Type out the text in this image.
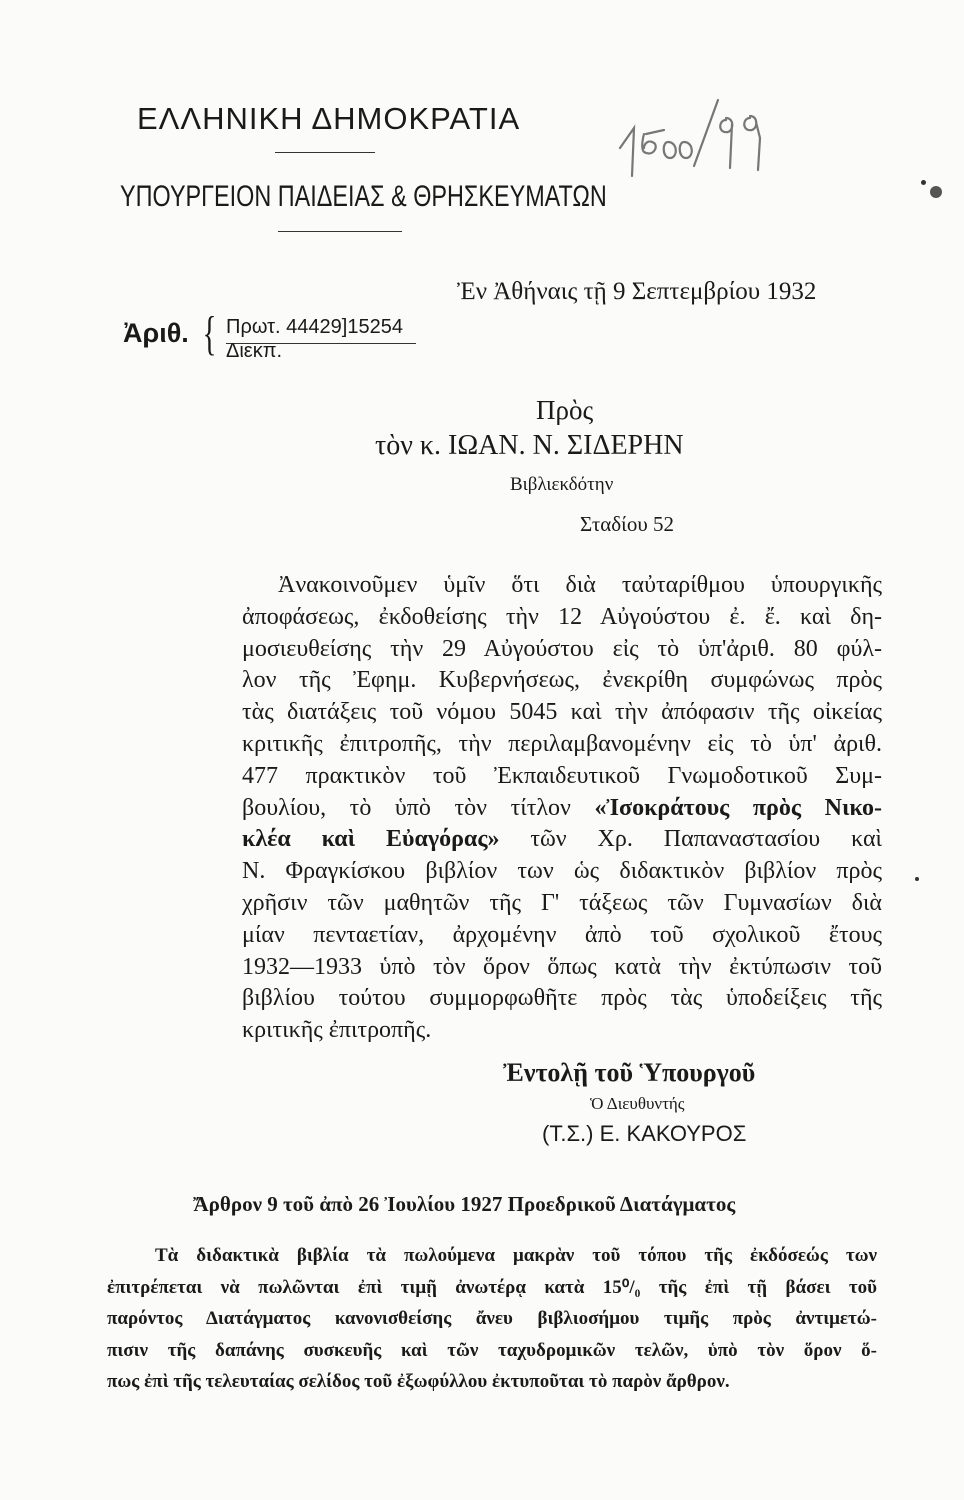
ΕΛΛΗΝΙΚΗ ΔΗΜΟΚΡΑΤΙΑ
ΥΠΟΥΡΓΕΙΟΝ ΠΑΙΔΕΙΑΣ & ΘΡΗΣΚΕΥΜΑΤΩΝ
Ἐν Ἀθήναις τῇ 9 Σεπτεμβρίου 1932
Ἀριθ. { Πρωτ. 44429]15254
Διεκπ.
Πρὸς
τὸν κ. ΙΩΑΝ. Ν. ΣΙΔΕΡΗΝ
Βιβλιεκδότην
Σταδίου 52
Ἀνακοινοῦμεν ὑμῖν ὅτι διὰ ταὐταρίθμου ὑπουργικῆς
ἀποφάσεως, ἐκδοθείσης τὴν 12 Αὐγούστου ἐ. ἔ. καὶ δη-
μοσιευθείσης τὴν 29 Αὐγούστου εἰς τὸ ὑπ'ἀριθ. 80 φύλ-
λον τῆς Ἐφημ. Κυβερνήσεως, ἐνεκρίθη συμφώνως πρὸς
τὰς διατάξεις τοῦ νόμου 5045 καὶ τὴν ἀπόφασιν τῆς οἰκείας
κριτικῆς ἐπιτροπῆς, τὴν περιλαμβανομένην εἰς τὸ ὑπ' ἀριθ.
477 πρακτικὸν τοῦ Ἐκπαιδευτικοῦ Γνωμοδοτικοῦ Συμ-
βουλίου, τὸ ὑπὸ τὸν τίτλον «Ἰσοκράτους πρὸς Νικο-
κλέα καὶ Εὐαγόρας» τῶν Χρ. Παπαναστασίου καὶ
Ν. Φραγκίσκου βιβλίον των ὡς διδακτικὸν βιβλίον πρὸς
χρῆσιν τῶν μαθητῶν τῆς Γ' τάξεως τῶν Γυμνασίων διὰ
μίαν πενταετίαν, ἀρχομένην ἀπὸ τοῦ σχολικοῦ ἔτους
1932—1933 ὑπὸ τὸν ὅρον ὅπως κατὰ τὴν ἐκτύπωσιν τοῦ
βιβλίου τούτου συμμορφωθῆτε πρὸς τὰς ὑποδείξεις τῆς
κριτικῆς ἐπιτροπῆς.
Ἐντολῇ τοῦ Ὑπουργοῦ
Ὁ Διευθυντής
(Τ.Σ.) Ε. ΚΑΚΟΥΡΟΣ
Ἄρθρον 9 τοῦ ἀπὸ 26 Ἰουλίου 1927 Προεδρικοῦ Διατάγματος
Τὰ διδακτικὰ βιβλία τὰ πωλούμενα μακρὰν τοῦ τόπου τῆς ἐκδόσεώς των
ἐπιτρέπεται νὰ πωλῶνται ἐπὶ τιμῇ ἀνωτέρᾳ κατὰ 15⁰/₀ τῆς ἐπὶ τῇ βάσει τοῦ
παρόντος Διατάγματος κανονισθείσης ἄνευ βιβλιοσήμου τιμῆς πρὸς ἀντιμετώ-
πισιν τῆς δαπάνης συσκευῆς καὶ τῶν ταχυδρομικῶν τελῶν, ὑπὸ τὸν ὅρον ὅ-
πως ἐπὶ τῆς τελευταίας σελίδος τοῦ ἐξωφύλλου ἐκτυποῦται τὸ παρὸν ἄρθρον.
